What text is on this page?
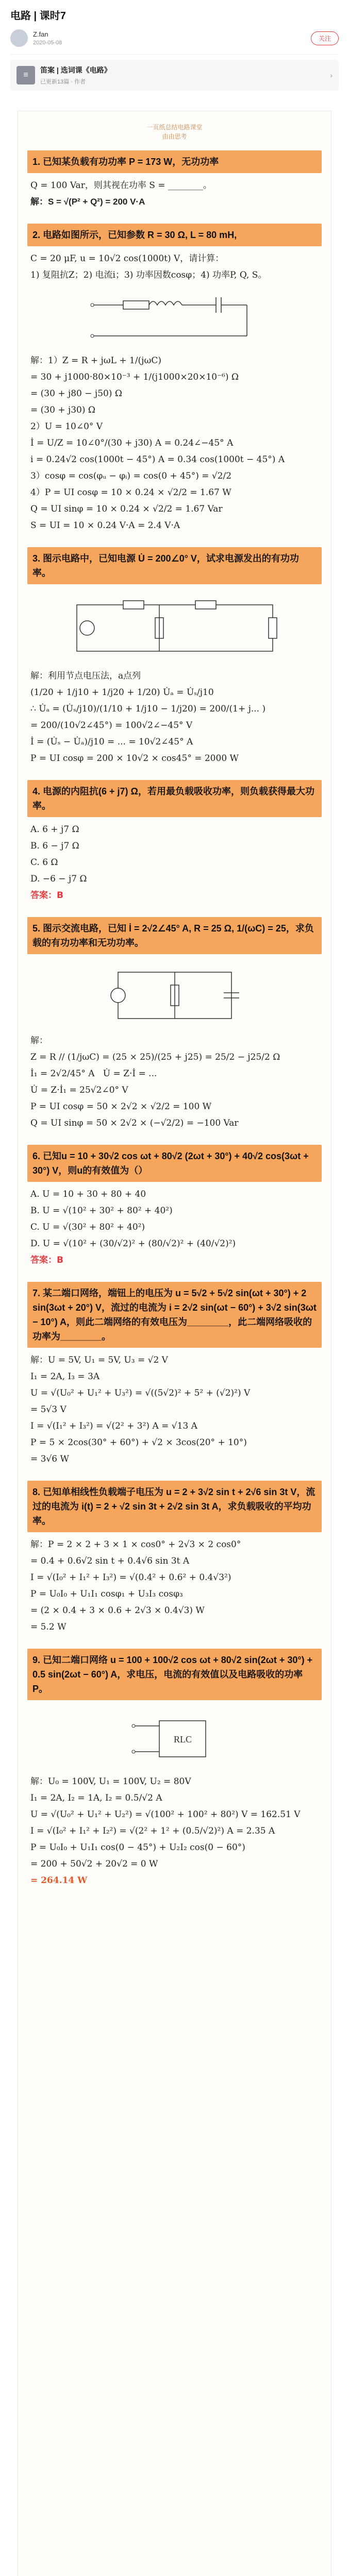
电路 | 课时7
Z.fan
2020-05-08
关注
≡
笛案 | 选词课《电路》
已更新13篇 · 作者
›
一页纸总结电路课堂
由由思考
1. 已知某负载有功功率 P = 173 W，无功功率
Q = 100 Var，则其视在功率 S = ________。
解：S = √(P² + Q²) = 200 V·A
2. 电路如图所示，已知参数 R = 30 Ω, L = 80 mH,
C = 20 μF, u = 10√2 cos(1000t) V，请计算：
1) 复阻抗Z；2) 电流i；3) 功率因数cosφ；4) 功率P, Q, S。
解：1）Z = R + jωL + 1/(jωC)
= 30 + j1000·80×10⁻³ + 1/(j1000×20×10⁻⁶) Ω
= (30 + j80 − j50) Ω
= (30 + j30) Ω
2）U = 10∠0° V
İ = U/Z = 10∠0°/(30 + j30) A = 0.24∠−45° A
i = 0.24√2 cos(1000t − 45°) A = 0.34 cos(1000t − 45°) A
3）cosφ = cos(φᵤ − φᵢ) = cos(0 + 45°) = √2/2
4）P = UI cosφ = 10 × 0.24 × √2/2 = 1.67 W
Q = UI sinφ = 10 × 0.24 × √2/2 = 1.67 Var
S = UI = 10 × 0.24 V·A = 2.4 V·A
3. 图示电路中，已知电源 U̇ = 200∠0° V，试求电源发出的有功功率。
解：利用节点电压法，a点列
(1/20 + 1/j10 + 1/j20 + 1/20) U̇ₐ = U̇ₛ/j10
∴ U̇ₐ = (U̇ₛ/j10)/(1/10 + 1/j10 − 1/j20) = 200/(1+ j... )
= 200/(10√2∠45°) = 100√2∠−45° V
İ = (U̇ₛ − U̇ₐ)/j10 = ... = 10√2∠45° A
P = UI cosφ = 200 × 10√2 × cos45° = 2000 W
4. 电源的内阻抗(6 + j7) Ω，若用最负载吸收功率，则负载获得最大功率。
A. 6 + j7 Ω
B. 6 − j7 Ω
C. 6 Ω
D. −6 − j7 Ω
答案：B
5. 图示交流电路，已知 İ = 2√2∠45° A, R = 25 Ω, 1/(ωC) = 25，求负载的有功功率和无功功率。
解：
Z = R // (1/jωC) = (25 × 25)/(25 + j25) = 25/2 − j25/2 Ω
İ₁ = 2√2/45° A   U̇ = Z·İ = ...
U̇ = Z·İ₁ = 25√2∠0° V
P = UI cosφ = 50 × 2√2 × √2/2 = 100 W
Q = UI sinφ = 50 × 2√2 × (−√2/2) = −100 Var
6. 已知u = 10 + 30√2 cos ωt + 80√2 (2ωt + 30°) + 40√2 cos(3ωt + 30°) V，则u的有效值为（）
A. U = 10 + 30 + 80 + 40
B. U = √(10² + 30² + 80² + 40²)
C. U = √(30² + 80² + 40²)
D. U = √(10² + (30/√2)² + (80/√2)² + (40/√2)²)
答案：B
7. 某二端口网络，端钮上的电压为 u = 5√2 + 5√2 sin(ωt + 30°) + 2 sin(3ωt + 20°) V，流过的电流为 i = 2√2 sin(ωt − 60°) + 3√2 sin(3ωt − 10°) A，则此二端网络的有效电压为________，此二端网络吸收的功率为________。
解：U = 5V, U₁ = 5V, U₃ = √2 V
I₁ = 2A, I₃ = 3A
U = √(U₀² + U₁² + U₃²) = √((5√2)² + 5² + (√2)²) V
= 5√3 V
I = √(I₁² + I₃²) = √(2² + 3²) A = √13 A
P = 5 × 2cos(30° + 60°) + √2 × 3cos(20° + 10°)
= 3√6 W
8. 已知单相线性负载端子电压为 u = 2 + 3√2 sin t + 2√6 sin 3t V，流过的电流为 i(t) = 2 + √2 sin 3t + 2√2 sin 3t A，求负载吸收的平均功率。
解：P = 2 × 2 + 3 × 1 × cos0° + 2√3 × 2 cos0°
= 0.4 + 0.6√2 sin t + 0.4√6 sin 3t A
I = √(I₀² + I₁² + I₃²) = √(0.4² + 0.6² + 0.4√3²)
P = U₀I₀ + U₁I₁ cosφ₁ + U₃I₃ cosφ₃
= (2 × 0.4 + 3 × 0.6 + 2√3 × 0.4√3) W
= 5.2 W
9. 已知二端口网络 u = 100 + 100√2 cos ωt + 80√2 sin(2ωt + 30°) + 0.5 sin(2ωt − 60°) A，求电压，电流的有效值以及电路吸收的功率P。
RLC
解：U₀ = 100V, U₁ = 100V, U₂ = 80V
I₁ = 2A, I₂ = 1A, I₂ = 0.5/√2 A
U = √(U₀² + U₁² + U₂²) = √(100² + 100² + 80²) V = 162.51 V
I = √(I₀² + I₁² + I₂²) = √(2² + 1² + (0.5/√2)²) A = 2.35 A
P = U₀I₀ + U₁I₁ cos(0 − 45°) + U₂I₂ cos(0 − 60°)
= 200 + 50√2 + 20√2 = 0 W
= 264.14 W
